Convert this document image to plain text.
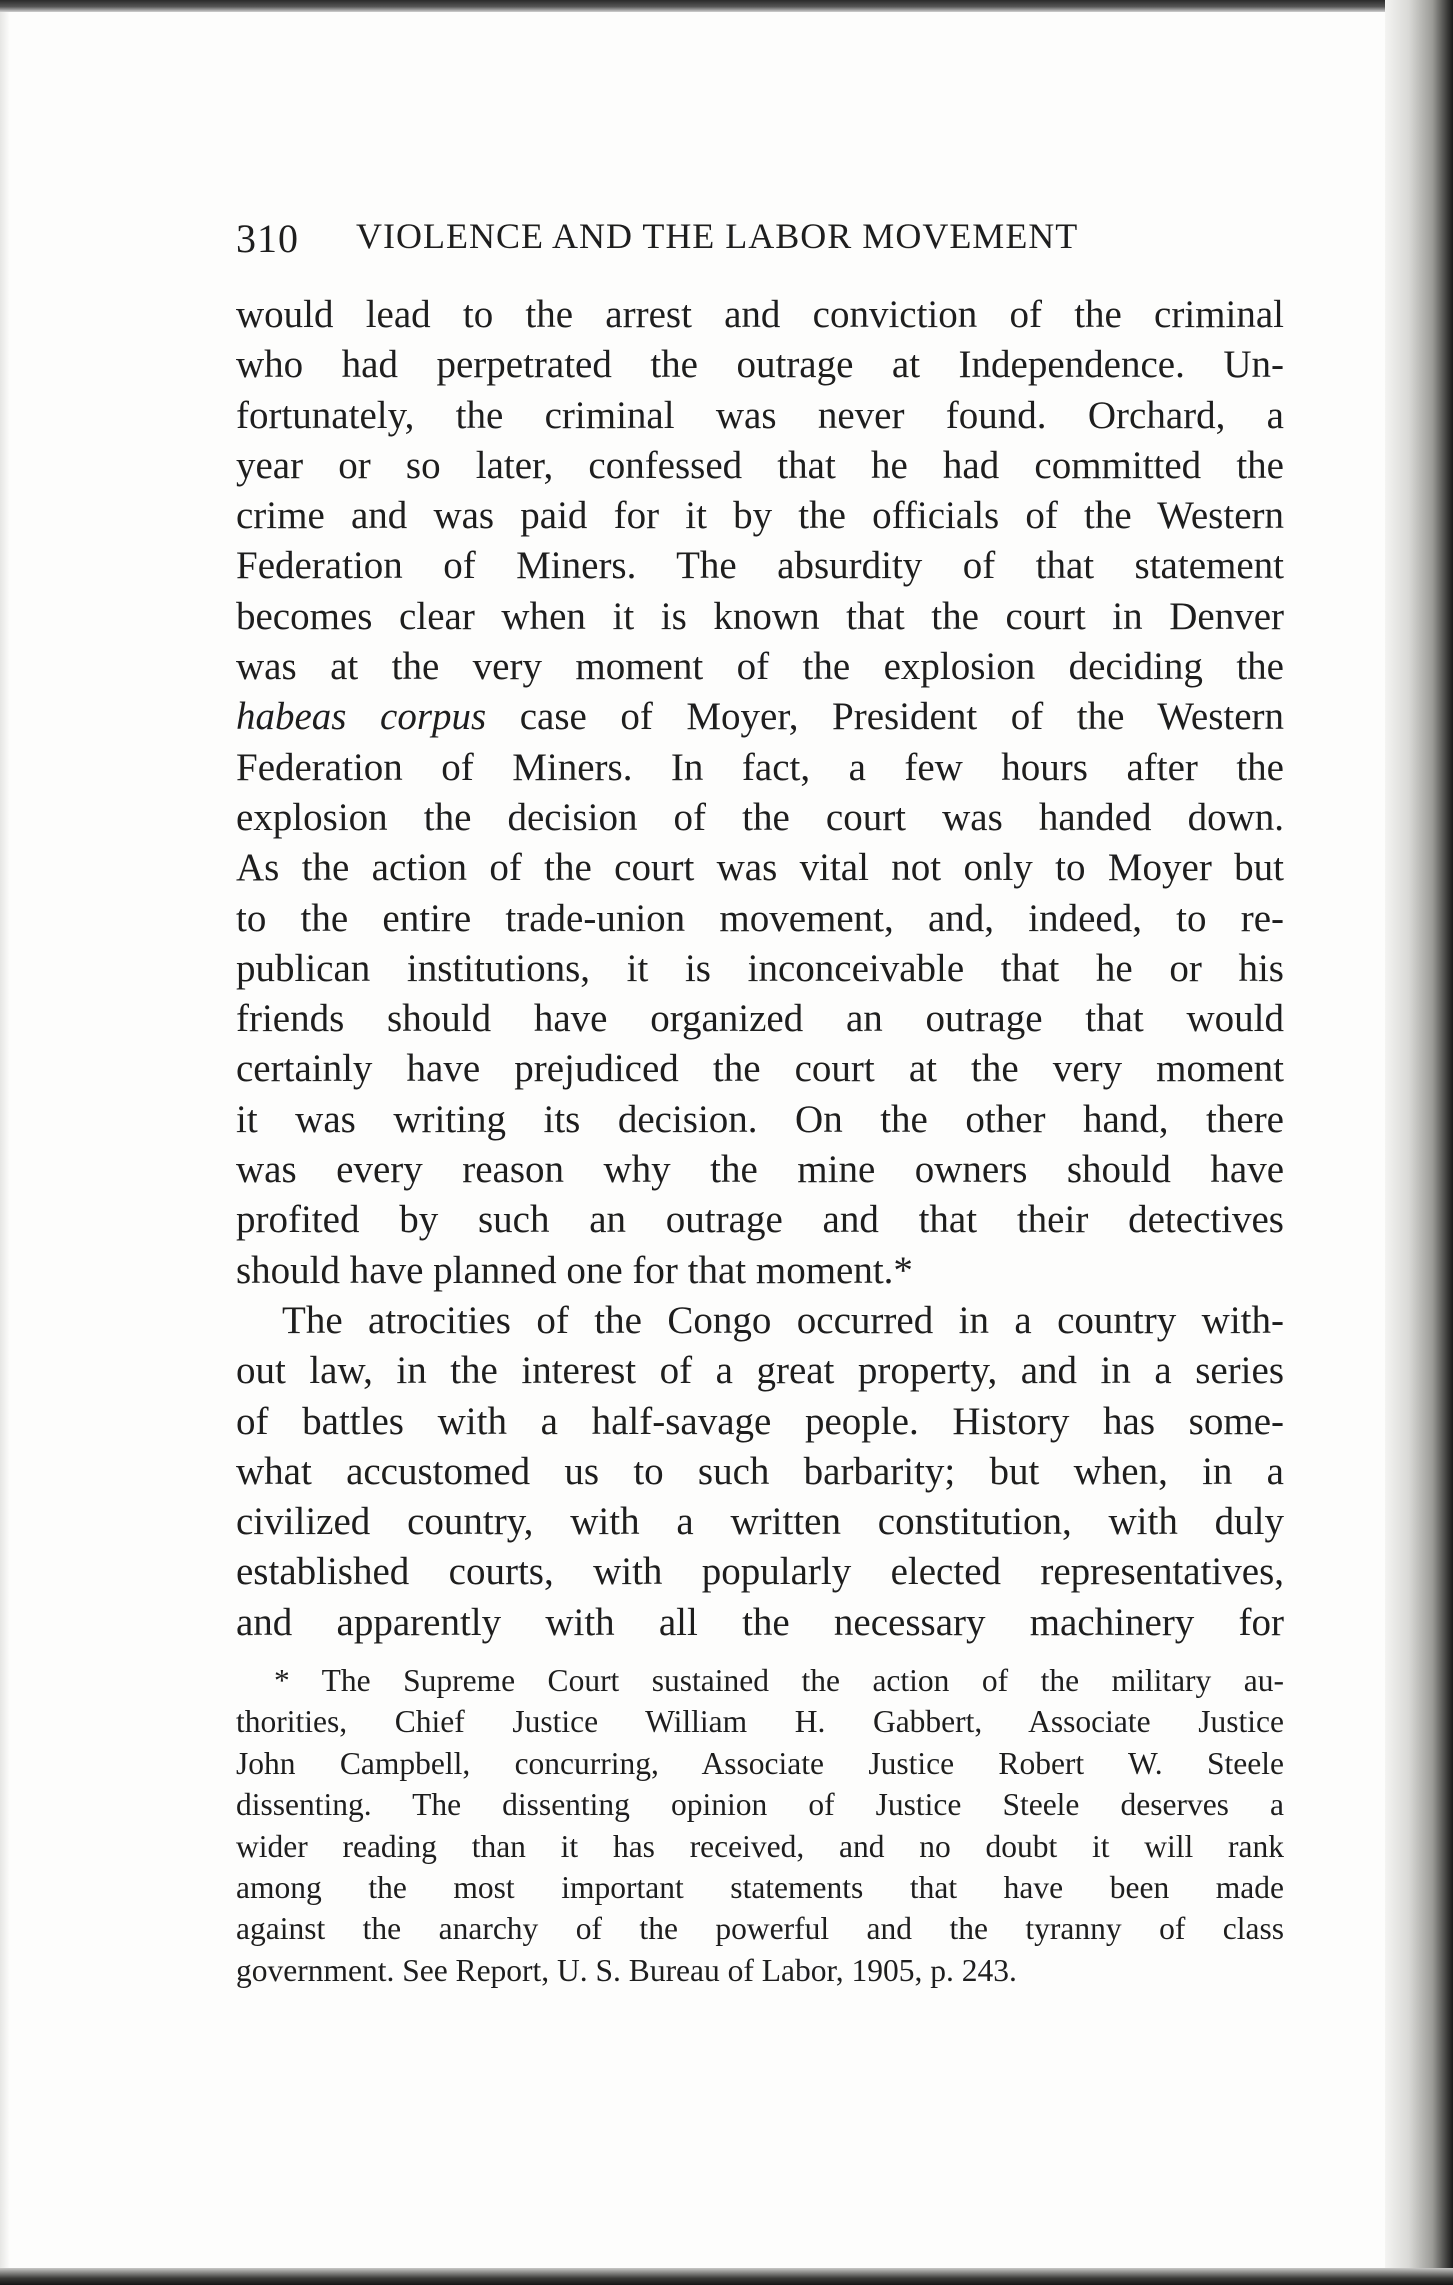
310 VIOLENCE AND THE LABOR MOVEMENT
would lead to the arrest and conviction of the criminal
who had perpetrated the outrage at Independence. Un-
fortunately, the criminal was never found. Orchard, a
year or so later, confessed that he had committed the
crime and was paid for it by the officials of the Western
Federation of Miners. The absurdity of that statement
becomes clear when it is known that the court in Denver
was at the very moment of the explosion deciding the
habeas corpus case of Moyer, President of the Western
Federation of Miners. In fact, a few hours after the
explosion the decision of the court was handed down.
As the action of the court was vital not only to Moyer but
to the entire trade-union movement, and, indeed, to re-
publican institutions, it is inconceivable that he or his
friends should have organized an outrage that would
certainly have prejudiced the court at the very moment
it was writing its decision. On the other hand, there
was every reason why the mine owners should have
profited by such an outrage and that their detectives
should have planned one for that moment.*
The atrocities of the Congo occurred in a country with-
out law, in the interest of a great property, and in a series
of battles with a half-savage people. History has some-
what accustomed us to such barbarity; but when, in a
civilized country, with a written constitution, with duly
established courts, with popularly elected representatives,
and apparently with all the necessary machinery for
* The Supreme Court sustained the action of the military au-
thorities, Chief Justice William H. Gabbert, Associate Justice
John Campbell, concurring, Associate Justice Robert W. Steele
dissenting. The dissenting opinion of Justice Steele deserves a
wider reading than it has received, and no doubt it will rank
among the most important statements that have been made
against the anarchy of the powerful and the tyranny of class
government. See Report, U. S. Bureau of Labor, 1905, p. 243.
